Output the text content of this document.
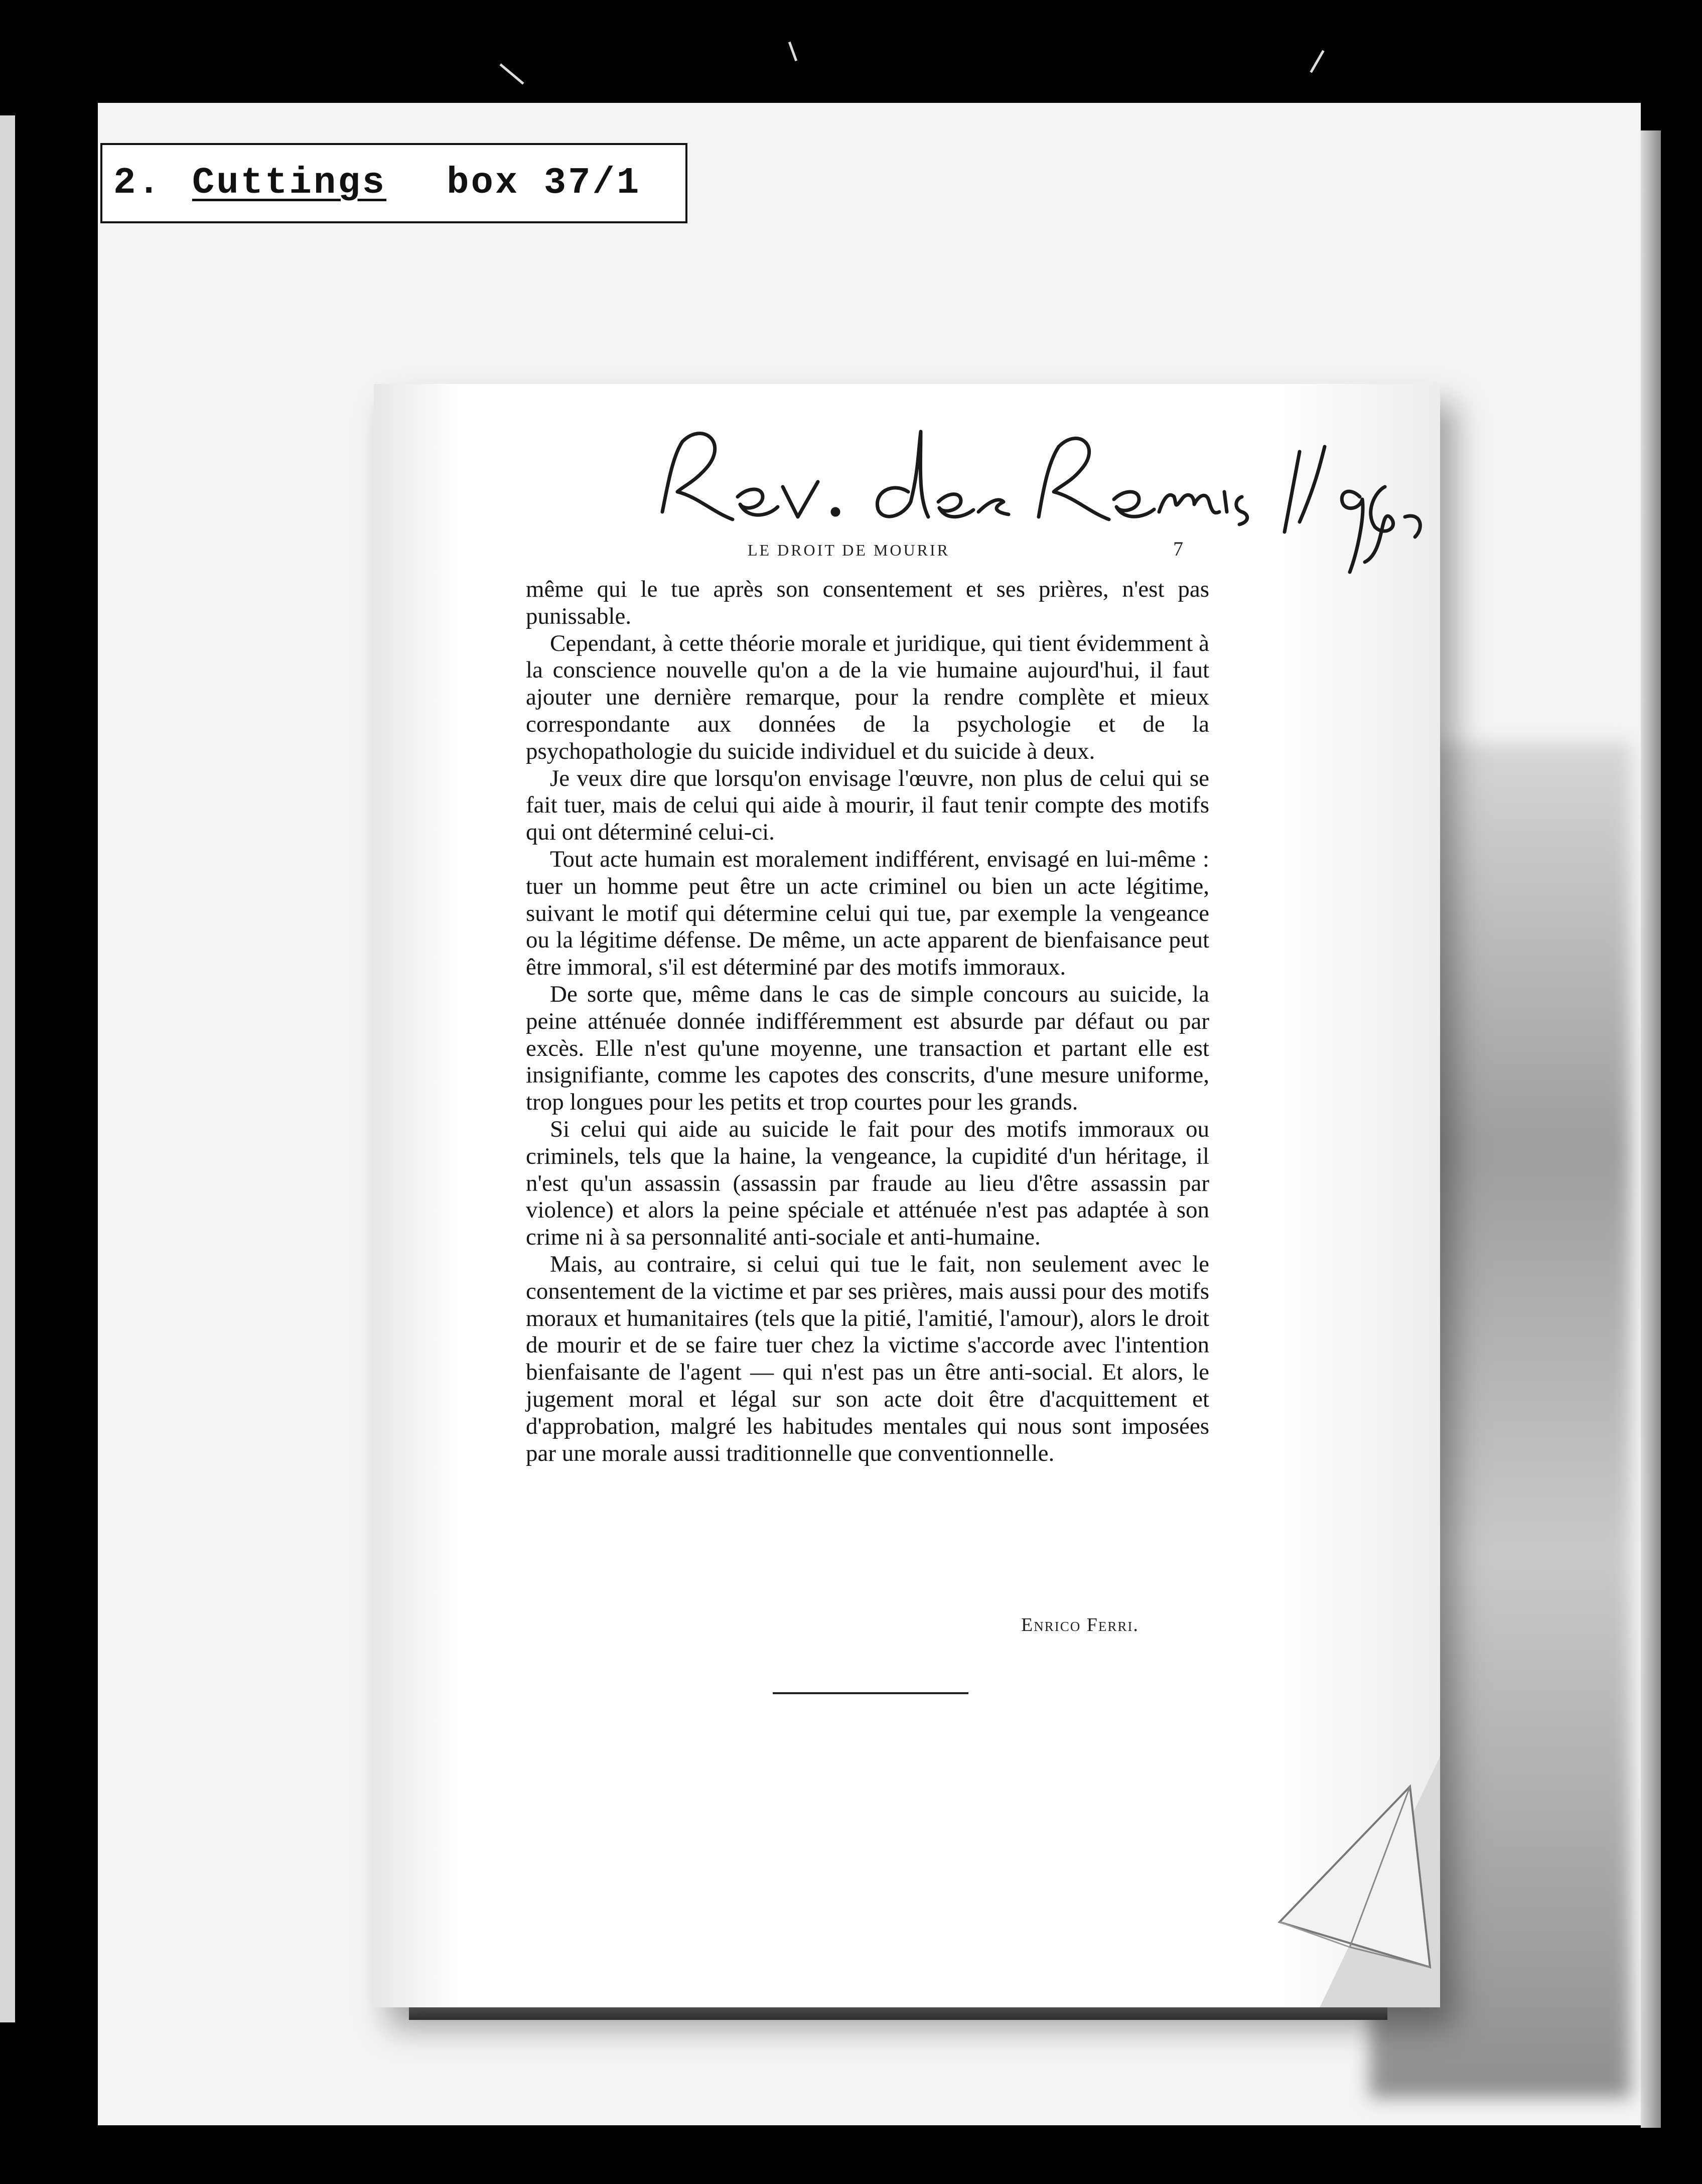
2. Cuttings box 37/1
LE DROIT DE MOURIR	7

même qui le tue après son consentement et ses prières, n'est pas punissable.

Cependant, à cette théorie morale et juridique, qui tient évidemment à la conscience nouvelle qu'on a de la vie humaine aujourd'hui, il faut ajouter une dernière remarque, pour la rendre complète et mieux correspondante aux données de la psychologie et de la psychopathologie du suicide individuel et du suicide à deux.

Je veux dire que lorsqu'on envisage l'œuvre, non plus de celui qui se fait tuer, mais de celui qui aide à mourir, il faut tenir compte des motifs qui ont déterminé celui-ci.

Tout acte humain est moralement indifférent, envisagé en lui-même : tuer un homme peut être un acte criminel ou bien un acte légitime, suivant le motif qui détermine celui qui tue, par exemple la vengeance ou la légitime défense. De même, un acte apparent de bienfaisance peut être immoral, s'il est déterminé par des motifs immoraux.

De sorte que, même dans le cas de simple concours au suicide, la peine atténuée donnée indifféremment est absurde par défaut ou par excès. Elle n'est qu'une moyenne, une transaction et partant elle est insignifiante, comme les capotes des conscrits, d'une mesure uniforme, trop longues pour les petits et trop courtes pour les grands.

Si celui qui aide au suicide le fait pour des motifs immoraux ou criminels, tels que la haine, la vengeance, la cupidité d'un héritage, il n'est qu'un assassin (assassin par fraude au lieu d'être assassin par violence) et alors la peine spéciale et atténuée n'est pas adaptée à son crime ni à sa personnalité anti-sociale et anti-humaine.

Mais, au contraire, si celui qui tue le fait, non seulement avec le consentement de la victime et par ses prières, mais aussi pour des motifs moraux et humanitaires (tels que la pitié, l'amitié, l'amour), alors le droit de mourir et de se faire tuer chez la victime s'accorde avec l'intention bienfaisante de l'agent — qui n'est pas un être anti-social. Et alors, le jugement moral et légal sur son acte doit être d'acquittement et d'approbation, malgré les habitudes mentales qui nous sont imposées par une morale aussi traditionnelle que conventionnelle.

Enrico Ferri.
